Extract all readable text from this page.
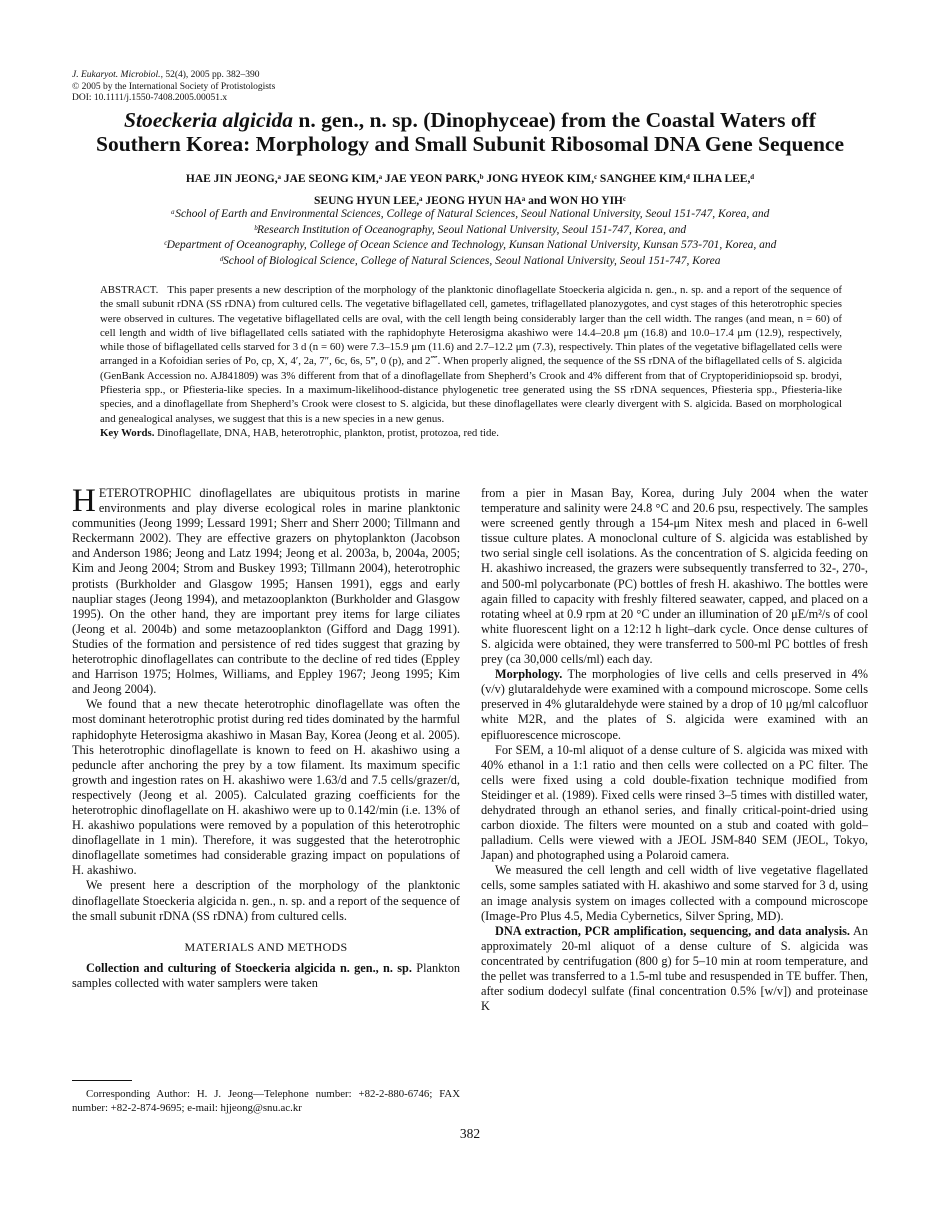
J. Eukaryot. Microbiol., 52(4), 2005 pp. 382–390
© 2005 by the International Society of Protistologists
DOI: 10.1111/j.1550-7408.2005.00051.x
Stoeckeria algicida n. gen., n. sp. (Dinophyceae) from the Coastal Waters off
Southern Korea: Morphology and Small Subunit Ribosomal DNA Gene Sequence
HAE JIN JEONG,ᵃ JAE SEONG KIM,ᵃ JAE YEON PARK,ᵇ JONG HYEOK KIM,ᶜ SANGHEE KIM,ᵈ ILHA LEE,ᵈ
SEUNG HYUN LEE,ᵃ JEONG HYUN HAᵃ and WON HO YIHᶜ
ᵃSchool of Earth and Environmental Sciences, College of Natural Sciences, Seoul National University, Seoul 151-747, Korea, and
ᵇResearch Institution of Oceanography, Seoul National University, Seoul 151-747, Korea, and
ᶜDepartment of Oceanography, College of Ocean Science and Technology, Kunsan National University, Kunsan 573-701, Korea, and
ᵈSchool of Biological Science, College of Natural Sciences, Seoul National University, Seoul 151-747, Korea

ABSTRACT. This paper presents a new description of the morphology of the planktonic dinoflagellate Stoeckeria algicida n. gen., n. sp. and a report of the sequence of the small subunit rDNA (SS rDNA) from cultured cells. The vegetative biflagellated cell, gametes, triflagellated planozygotes, and cyst stages of this heterotrophic species were observed in cultures. The vegetative biflagellated cells are oval, with the cell length being considerably larger than the cell width. The ranges (and mean, n = 60) of cell length and width of live biflagellated cells satiated with the raphidophyte Heterosigma akashiwo were 14.4–20.8 μm (16.8) and 10.0–17.4 μm (12.9), respectively, while those of biflagellated cells starved for 3 d (n = 60) were 7.3–15.9 μm (11.6) and 2.7–12.2 μm (7.3), respectively. Thin plates of the vegetative biflagellated cells were arranged in a Kofoidian series of Po, cp, X, 4′, 2a, 7″, 6c, 6s, 5‴, 0 (p), and 2⁗. When properly aligned, the sequence of the SS rDNA of the biflagellated cells of S. algicida (GenBank Accession no. AJ841809) was 3% different from that of a dinoflagellate from Shepherd’s Crook and 4% different from that of Cryptoperidiniopsoid sp. brodyi, Pfiesteria spp., or Pfiesteria-like species. In a maximum-likelihood-distance phylogenetic tree generated using the SS rDNA sequences, Pfiesteria spp., Pfiesteria-like species, and a dinoflagellate from Shepherd’s Crook were closest to S. algicida, but these dinoflagellates were clearly divergent with S. algicida. Based on morphological and genealogical analyses, we suggest that this is a new species in a new genus.

Key Words. Dinoflagellate, DNA, HAB, heterotrophic, plankton, protist, protozoa, red tide.

HETEROTROPHIC dinoflagellates are ubiquitous protists in marine environments and play diverse ecological roles in marine planktonic communities (Jeong 1999; Lessard 1991; Sherr and Sherr 2000; Tillmann and Reckermann 2002). They are effective grazers on phytoplankton (Jacobson and Anderson 1986; Jeong and Latz 1994; Jeong et al. 2003a, b, 2004a, 2005; Kim and Jeong 2004; Strom and Buskey 1993; Tillmann 2004), heterotrophic protists (Burkholder and Glasgow 1995; Hansen 1991), eggs and early naupliar stages (Jeong 1994), and metazooplankton (Burkholder and Glasgow 1995). On the other hand, they are important prey items for large ciliates (Jeong et al. 2004b) and some metazooplankton (Gifford and Dagg 1991). Studies of the formation and persistence of red tides suggest that grazing by heterotrophic dinoflagellates can contribute to the decline of red tides (Eppley and Harrison 1975; Holmes, Williams, and Eppley 1967; Jeong 1995; Kim and Jeong 2004).

We found that a new thecate heterotrophic dinoflagellate was often the most dominant heterotrophic protist during red tides dominated by the harmful raphidophyte Heterosigma akashiwo in Masan Bay, Korea (Jeong et al. 2005). This heterotrophic dinoflagellate is known to feed on H. akashiwo using a peduncle after anchoring the prey by a tow filament. Its maximum specific growth and ingestion rates on H. akashiwo were 1.63/d and 7.5 cells/grazer/d, respectively (Jeong et al. 2005). Calculated grazing coefficients for the heterotrophic dinoflagellate on H. akashiwo were up to 0.142/min (i.e. 13% of H. akashiwo populations were removed by a population of this heterotrophic dinoflagellate in 1 min). Therefore, it was suggested that the heterotrophic dinoflagellate sometimes had considerable grazing impact on populations of H. akashiwo.

We present here a description of the morphology of the planktonic dinoflagellate Stoeckeria algicida n. gen., n. sp. and a report of the sequence of the small subunit rDNA (SS rDNA) from cultured cells.

MATERIALS AND METHODS

Collection and culturing of Stoeckeria algicida n. gen., n. sp. Plankton samples collected with water samplers were taken

from a pier in Masan Bay, Korea, during July 2004 when the water temperature and salinity were 24.8 °C and 20.6 psu, respectively. The samples were screened gently through a 154-μm Nitex mesh and placed in 6-well tissue culture plates. A monoclonal culture of S. algicida was established by two serial single cell isolations. As the concentration of S. algicida feeding on H. akashiwo increased, the grazers were subsequently transferred to 32-, 270-, and 500-ml polycarbonate (PC) bottles of fresh H. akashiwo. The bottles were again filled to capacity with freshly filtered seawater, capped, and placed on a rotating wheel at 0.9 rpm at 20 °C under an illumination of 20 μE/m²/s of cool white fluorescent light on a 12:12 h light–dark cycle. Once dense cultures of S. algicida were obtained, they were transferred to 500-ml PC bottles of fresh prey (ca 30,000 cells/ml) each day.

Morphology. The morphologies of live cells and cells preserved in 4% (v/v) glutaraldehyde were examined with a compound microscope. Some cells preserved in 4% glutaraldehyde were stained by a drop of 10 μg/ml calcofluor white M2R, and the plates of S. algicida were examined with an epifluorescence microscope.

For SEM, a 10-ml aliquot of a dense culture of S. algicida was mixed with 40% ethanol in a 1:1 ratio and then cells were collected on a PC filter. The cells were fixed using a cold double-fixation technique modified from Steidinger et al. (1989). Fixed cells were rinsed 3–5 times with distilled water, dehydrated through an ethanol series, and finally critical-point-dried using carbon dioxide. The filters were mounted on a stub and coated with gold–palladium. Cells were viewed with a JEOL JSM-840 SEM (JEOL, Tokyo, Japan) and photographed using a Polaroid camera.

We measured the cell length and cell width of live vegetative flagellated cells, some samples satiated with H. akashiwo and some starved for 3 d, using an image analysis system on images collected with a compound microscope (Image-Pro Plus 4.5, Media Cybernetics, Silver Spring, MD).

DNA extraction, PCR amplification, sequencing, and data analysis. An approximately 20-ml aliquot of a dense culture of S. algicida was concentrated by centrifugation (800 g) for 5–10 min at room temperature, and the pellet was transferred to a 1.5-ml tube and resuspended in TE buffer. Then, after sodium dodecyl sulfate (final concentration 0.5% [w/v]) and proteinase K

Corresponding Author: H. J. Jeong—Telephone number: +82-2-880-6746; FAX number: +82-2-874-9695; e-mail: hjjeong@snu.ac.kr
382
